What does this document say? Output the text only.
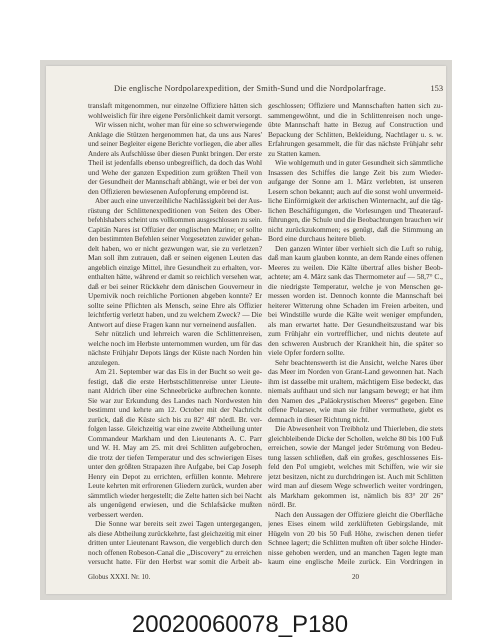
Die englische Nordpolarexpedition, der Smith-Sund und die Nordpolarfrage.	153
translaft mitgenommen, nur einzelne Offiziere hätten sich
wohlweislich für ihre eigene Persönlichkeit damit versorgt.
Wir wissen nicht, woher man für eine so schwerwiegende
Anklage die Stützen hergenommen hat, da uns aus Nares'
und seiner Begleiter eigene Berichte vorliegen, die aber alles
Andere als Aufschlüsse über diesen Punkt bringen. Der erste
Theil ist jedenfalls ebenso unbegreiflich, da doch das Wohl
und Wehe der ganzen Expedition zum größten Theil von
der Gesundheit der Mannschaft abhängt, wie er bei der von
den Offizieren bewiesenen Aufopferung empörend ist.
Aber auch eine unverzeihliche Nachlässigkeit bei der Aus-
rüstung der Schlittenexpeditionen von Seiten des Ober-
befehlshabers scheint uns vollkommen ausgeschlossen zu sein.
Capitän Nares ist Offizier der englischen Marine; er sollte
den bestimmten Befehlen seiner Vorgesetzten zuwider gehan-
delt haben, wo er nicht gezwungen war, sie zu verletzen?
Man soll ihm zutrauen, daß er seinen eigenen Leuten das
angeblich einzige Mittel, ihre Gesundheit zu erhalten, vor-
enthalten hätte, während er damit so reichlich versehen war,
daß er bei seiner Rückkehr dem dänischen Gouverneur in
Upernivik noch reichliche Portionen abgeben konnte? Er
sollte seine Pflichten als Mensch, seine Ehre als Offizier
leichtfertig verletzt haben, und zu welchem Zweck? — Die
Antwort auf diese Fragen kann nur verneinend ausfallen.
Sehr nützlich und lehrreich waren die Schlittenreisen,
welche noch im Herbste unternommen wurden, um für das
nächste Frühjahr Depots längs der Küste nach Norden hin
anzulegen.
Am 21. September war das Eis in der Bucht so weit ge-
festigt, daß die erste Herbstschlittenreise unter Lieute-
nant Aldrich über eine Schneebrücke aufbrechen konnte.
Sie war zur Erkundung des Landes nach Nordwesten hin
bestimmt und kehrte am 12. October mit der Nachricht
zurück, daß die Küste sich bis zu 82° 48' nördl. Br. ver-
folgen lasse. Gleichzeitig war eine zweite Abtheilung unter
Commandeur Markham und den Lieutenants A. C. Parr
und W. H. May am 25. mit drei Schlitten aufgebrochen,
die trotz der tiefen Temperatur und des schwierigen Eises
unter den größten Strapazen ihre Aufgabe, bei Cap Joseph
Henry ein Depot zu errichten, erfüllen konnte. Mehrere
Leute kehrten mit erfrorenen Gliedern zurück, wurden aber
sämmtlich wieder hergestellt; die Zelte hatten sich bei Nacht
als ungenügend erwiesen, und die Schlafsäcke mußten
verbessert werden.
Die Sonne war bereits seit zwei Tagen untergegangen,
als diese Abtheilung zurückkehrte, fast gleichzeitig mit einer
dritten unter Lieutenant Rawson, die vergeblich durch den
noch offenen Robeson-Canal die „Discovery“ zu erreichen
versucht hatte. Für den Herbst war somit die Arbeit ab-
geschlossen; Offiziere und Mannschaften hatten sich zu-
sammengewöhnt, und die in Schlittenreisen noch unge-
übte Mannschaft hatte in Bezug auf Construction und
Bepackung der Schlitten, Bekleidung, Nachtlager u. s. w.
Erfahrungen gesammelt, die für das nächste Frühjahr sehr
zu Statten kamen.
Wie wohlgemuth und in guter Gesundheit sich sämmtliche
Insassen des Schiffes die lange Zeit bis zum Wieder-
aufgange der Sonne am 1. März verlebten, ist unseren
Lesern schon bekannt; auch auf die sonst wohl unvermeid-
liche Einförmigkeit der arktischen Winternacht, auf die täg-
lichen Beschäftigungen, die Vorlesungen und Theaterauf-
führungen, die Schule und die Beobachtungen brauchen wir
nicht zurückzukommen; es genügt, daß die Stimmung an
Bord eine durchaus heitere blieb.
Den ganzen Winter über verhielt sich die Luft so ruhig,
daß man kaum glauben konnte, an dem Rande eines offenen
Meeres zu weilen. Die Kälte übertraf alles bisher Beob-
achtete; am 4. März sank das Thermometer auf — 58,7° C.,
die niedrigste Temperatur, welche je von Menschen ge-
messen worden ist. Dennoch konnte die Mannschaft bei
heiterer Witterung ohne Schaden im Freien arbeiten, und
bei Windstille wurde die Kälte weit weniger empfunden,
als man erwartet hatte. Der Gesundheitszustand war bis
zum Frühjahr ein vortrefflicher, und nichts deutete auf
den schweren Ausbruch der Krankheit hin, die später so
viele Opfer fordern sollte.
Sehr beachtenswerth ist die Ansicht, welche Nares über
das Meer im Norden von Grant-Land gewonnen hat. Nach
ihm ist dasselbe mit uraltem, mächtigem Eise bedeckt, das
niemals aufthaut und sich nur langsam bewegt; er hat ihm
den Namen des „Paläokrystischen Meeres“ gegeben. Eine
offene Polarsee, wie man sie früher vermuthete, giebt es
demnach in dieser Richtung nicht.
Die Abwesenheit von Treibholz und Thierleben, die stets
gleichbleibende Dicke der Schollen, welche 80 bis 100 Fuß
erreichen, sowie der Mangel jeder Strömung von Bedeu-
tung lassen schließen, daß ein großes, geschlossenes Eis-
feld den Pol umgiebt, welches mit Schiffen, wie wir sie
jetzt besitzen, nicht zu durchdringen ist. Auch mit Schlitten
wird man auf diesem Wege schwerlich weiter vordringen,
als Markham gekommen ist, nämlich bis 83° 20' 26''
nördl. Br.
Nach den Aussagen der Offiziere gleicht die Oberfläche
jenes Eises einem wild zerklüfteten Gebirgslande, mit
Hügeln von 20 bis 50 Fuß Höhe, zwischen denen tiefer
Schnee lagert; die Schlitten mußten oft über solche Hinder-
nisse gehoben werden, und an manchen Tagen legte man
kaum eine englische Meile zurück. Ein Vordringen in
Globus XXXI. Nr. 10.	20
20020060078_P180
